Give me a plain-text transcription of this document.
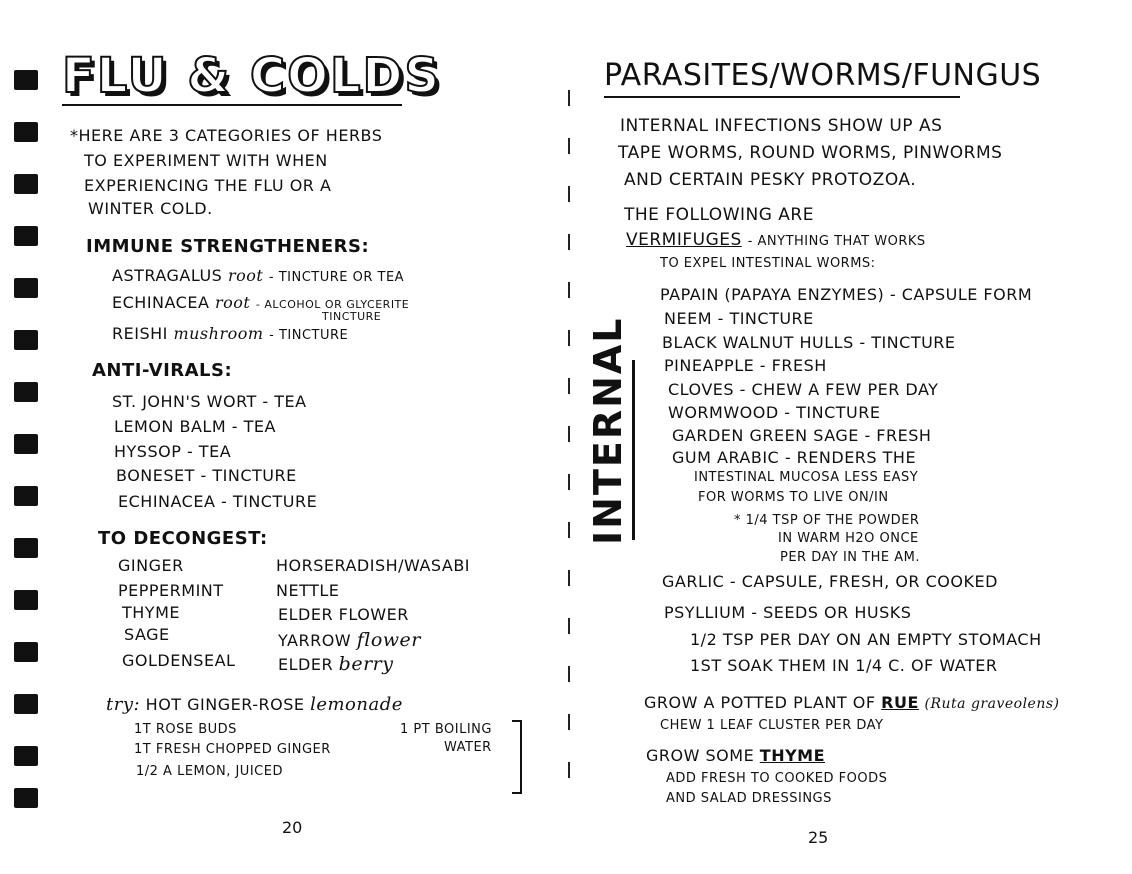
FLU & COLDS
*HERE ARE 3 CATEGORIES OF HERBS
TO EXPERIMENT WITH WHEN
EXPERIENCING THE FLU OR A
WINTER COLD.
IMMUNE STRENGTHENERS:
ASTRAGALUS root - TINCTURE OR TEA
ECHINACEA root - ALCOHOL OR GLYCERITE
TINCTURE
REISHI mushroom - TINCTURE
ANTI-VIRALS:
ST. JOHN'S WORT - TEA
LEMON BALM - TEA
HYSSOP - TEA
BONESET - TINCTURE
ECHINACEA - TINCTURE
TO DECONGEST:
GINGER
PEPPERMINT
THYME
SAGE
GOLDENSEAL
HORSERADISH/WASABI
NETTLE
ELDER FLOWER
YARROW flower
ELDER berry
try: HOT GINGER-ROSE lemonade
1T ROSE BUDS
1T FRESH CHOPPED GINGER
1/2 A LEMON, JUICED
1 PT BOILING
WATER
20
PARASITES/WORMS/FUNGUS
INTERNAL INFECTIONS SHOW UP AS
TAPE WORMS, ROUND WORMS, PINWORMS
AND CERTAIN PESKY PROTOZOA.
THE FOLLOWING ARE
VERMIFUGES - ANYTHING THAT WORKS
TO EXPEL INTESTINAL WORMS:
INTERNAL
PAPAIN (PAPAYA ENZYMES) - CAPSULE FORM
NEEM - TINCTURE
BLACK WALNUT HULLS - TINCTURE
PINEAPPLE - FRESH
CLOVES - CHEW A FEW PER DAY
WORMWOOD - TINCTURE
GARDEN GREEN SAGE - FRESH
GUM ARABIC - RENDERS THE
INTESTINAL MUCOSA LESS EASY
FOR WORMS TO LIVE ON/IN
* 1/4 TSP OF THE POWDER
IN WARM H2O ONCE
PER DAY IN THE AM.
GARLIC - CAPSULE, FRESH, OR COOKED
PSYLLIUM - SEEDS OR HUSKS
1/2 TSP PER DAY ON AN EMPTY STOMACH
1ST SOAK THEM IN 1/4 C. OF WATER
GROW A POTTED PLANT OF RUE (Ruta graveolens)
CHEW 1 LEAF CLUSTER PER DAY
GROW SOME THYME
ADD FRESH TO COOKED FOODS
AND SALAD DRESSINGS
25
